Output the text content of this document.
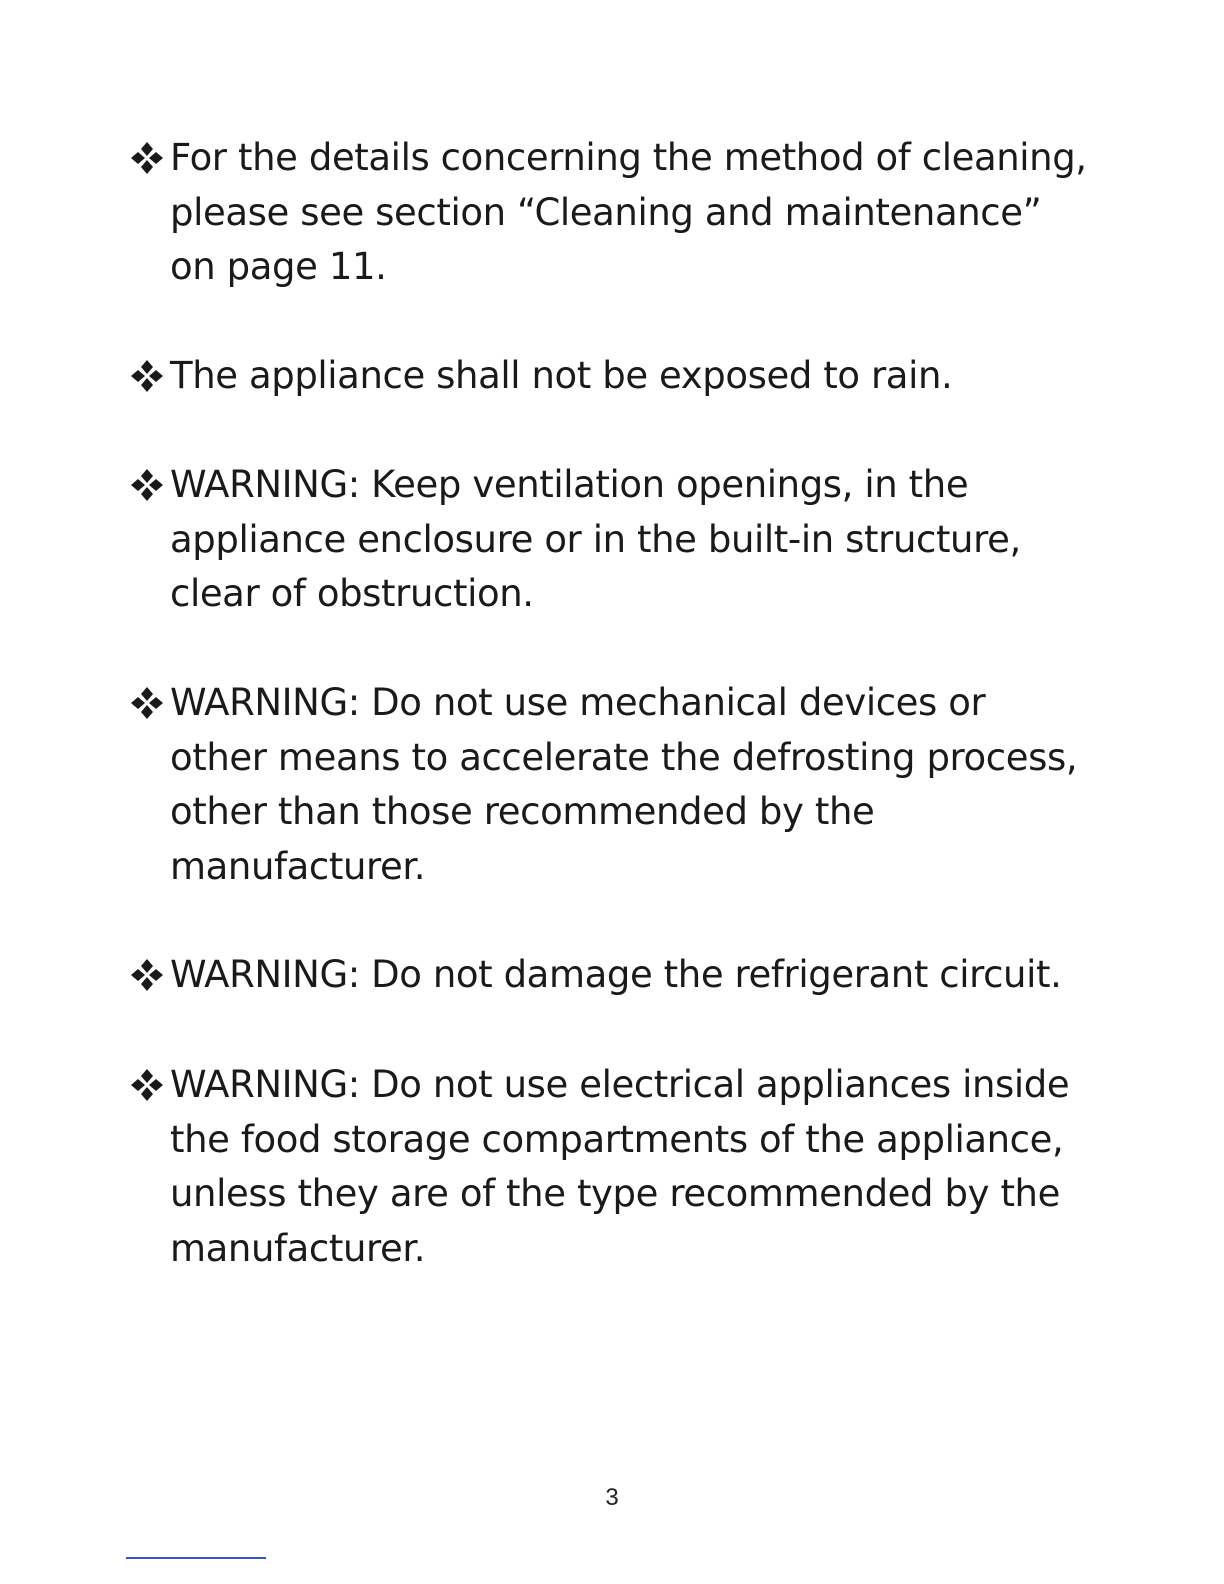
For the details concerning the method of cleaning,
please see section “Cleaning and maintenance”
on page 11.
The appliance shall not be exposed to rain.
WARNING: Keep ventilation openings, in the
appliance enclosure or in the built-in structure,
clear of obstruction.
WARNING: Do not use mechanical devices or
other means to accelerate the defrosting process,
other than those recommended by the
manufacturer.
WARNING: Do not damage the refrigerant circuit.
WARNING: Do not use electrical appliances inside
the food storage compartments of the appliance,
unless they are of the type recommended by the
manufacturer.
3
